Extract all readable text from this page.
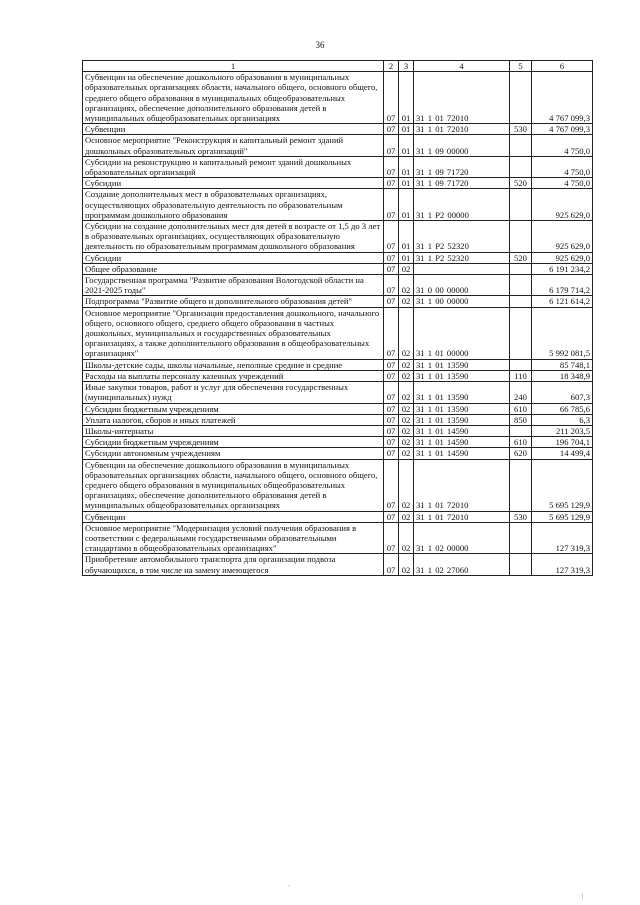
36
1	2	3	4	5	6
Субвенции на обеспечение дошкольного образования в муниципальных образовательных организациях области, начального общего, основного общего, среднего общего образования в муниципальных общеобразовательных организациях, обеспечение дополнительного образования детей в муниципальных общеобразовательных организациях	07	01	31 1 01 72010		4 767 099,3
Субвенции	07	01	31 1 01 72010	530	4 767 099,3
Основное мероприятие "Реконструкция и капитальный ремонт зданий дошкольных образовательных организаций"	07	01	31 1 09 00000		4 750,0
Субсидии на реконструкцию и капитальный ремонт зданий дошкольных образовательных организаций	07	01	31 1 09 71720		4 750,0
Субсидии	07	01	31 1 09 71720	520	4 750,0
Создание дополнительных мест в образовательных организациях, осуществляющих образовательную деятельность по образовательным программам дошкольного образования	07	01	31 1 P2 00000		925 629,0
Субсидии на создание дополнительных мест для детей в возрасте от 1,5 до 3 лет в образовательных организациях, осуществляющих образовательную деятельность по образовательным программам дошкольного образования	07	01	31 1 P2 52320		925 629,0
Субсидии	07	01	31 1 P2 52320	520	925 629,0
Общее образование	07	02			6 191 234,2
Государственная программа "Развитие образования Вологодской области на 2021-2025 годы"	07	02	31 0 00 00000		6 179 714,2
Подпрограмма "Развитие общего и дополнительного образования детей"	07	02	31 1 00 00000		6 121 614,2
Основное мероприятие "Организация предоставления дошкольного, начального общего, основного общего, среднего общего образования в частных дошкольных, муниципальных и государственных образовательных организациях, а также дополнительного образования в общеобразовательных организациях"	07	02	31 1 01 00000		5 992 081,5
Школы-детские сады, школы начальные, неполные средние и средние	07	02	31 1 01 13590		85 748,1
Расходы на выплаты персоналу казенных учреждений	07	02	31 1 01 13590	110	18 348,9
Иные закупки товаров, работ и услуг для обеспечения государственных (муниципальных) нужд	07	02	31 1 01 13590	240	607,3
Субсидии бюджетным учреждениям	07	02	31 1 01 13590	610	66 785,6
Уплата налогов, сборов и иных платежей	07	02	31 1 01 13590	850	6,3
Школы-интернаты	07	02	31 1 01 14590		211 203,5
Субсидии бюджетным учреждениям	07	02	31 1 01 14590	610	196 704,1
Субсидии автономным учреждениям	07	02	31 1 01 14590	620	14 499,4
Субвенции на обеспечение дошкольного образования в муниципальных образовательных организациях области, начального общего, основного общего, среднего общего образования в муниципальных общеобразовательных организациях, обеспечение дополнительного образования детей в муниципальных общеобразовательных организациях	07	02	31 1 01 72010		5 695 129,9
Субвенции	07	02	31 1 01 72010	530	5 695 129,9
Основное мероприятие "Модернизация условий получения образования в соответствии с федеральными государственными образовательными стандартами в общеобразовательных организациях"	07	02	31 1 02 00000		127 319,3
Приобретение автомобильного транспорта для организации подвоза обучающихся, в том числе на замену имеющегося	07	02	31 1 02 27060		127 319,3
.
|
